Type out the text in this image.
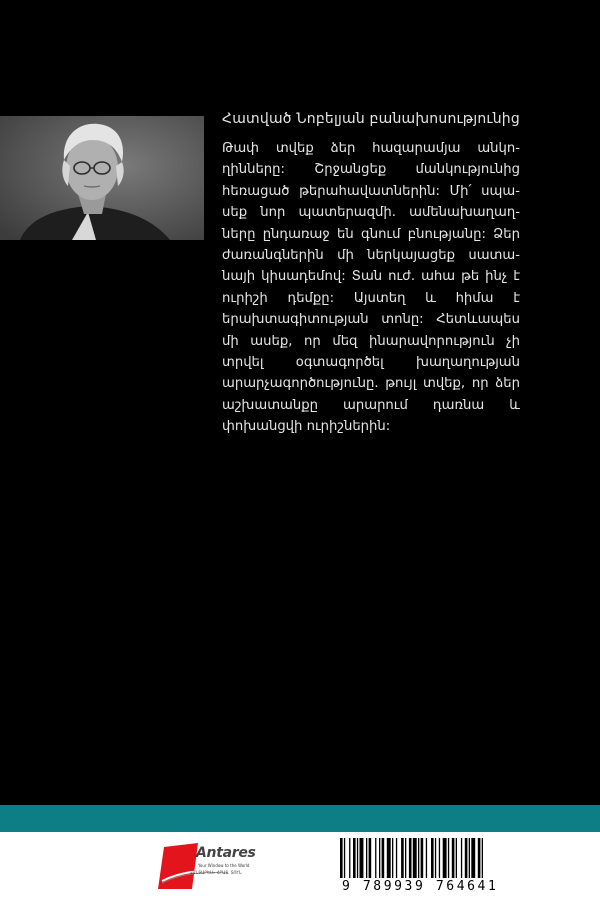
Հատված Նոբելյան բանախոսությունից

Թափ տվեք ձեր հազարամյա անկո-ղինները: Շրջանցեք մանկությունից հեռացած թերահավատներին: Մի՛ սպա-սեք նոր պատերազմի. ամենախաղաղ-ները ընդառաջ են գնում բնությանը: Ձեր ժառանգներին մի ներկայացեք սատա-նայի կիսադեմով: Տան ուժ. ահա թե ինչ է ուրիշի դեմքը: Այստեղ և հիմա է երախտագիտության տոնը: Հետևապես մի ասեք, որ մեզ ինարավորություն չի տրվել օգտագործել խաղաղության արարչագործությունը. թույլ տվեք, որ ձեր աշխատանքը արարում դառնա և փոխանցվի ուրիշներին:

Antares
Your Window to the World
«ԱՆՏԱՐԵՍ» ՀՐԱՏ. ՏՈՒՆ
9 789939 764641
